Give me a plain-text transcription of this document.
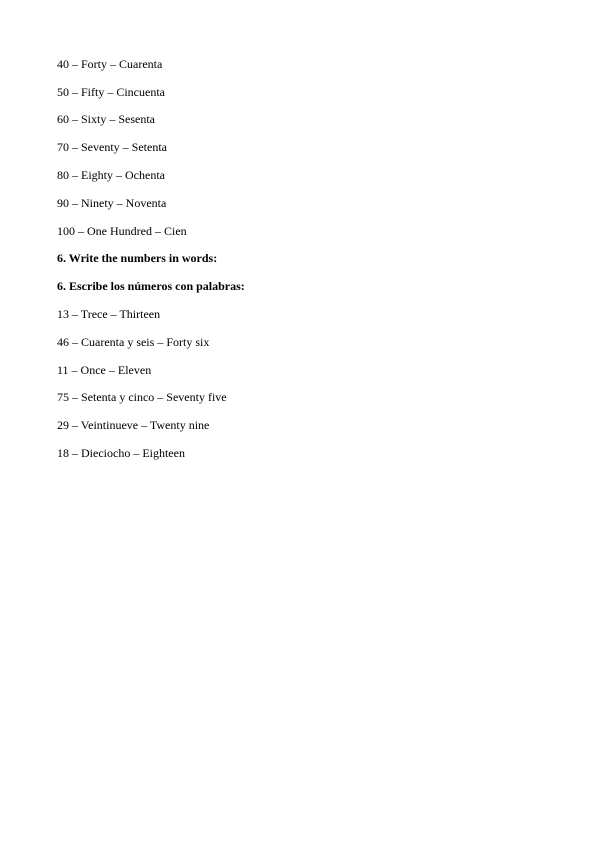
40 – Forty – Cuarenta
50 – Fifty – Cincuenta
60 – Sixty – Sesenta
70 – Seventy – Setenta
80 – Eighty – Ochenta
90 – Ninety – Noventa
100 – One Hundred – Cien
6. Write the numbers in words:
6. Escribe los números con palabras:
13 – Trece – Thirteen
46 – Cuarenta y seis – Forty six
11 – Once – Eleven
75 – Setenta y cinco – Seventy five
29 – Veintinueve – Twenty nine
18 – Dieciocho – Eighteen
